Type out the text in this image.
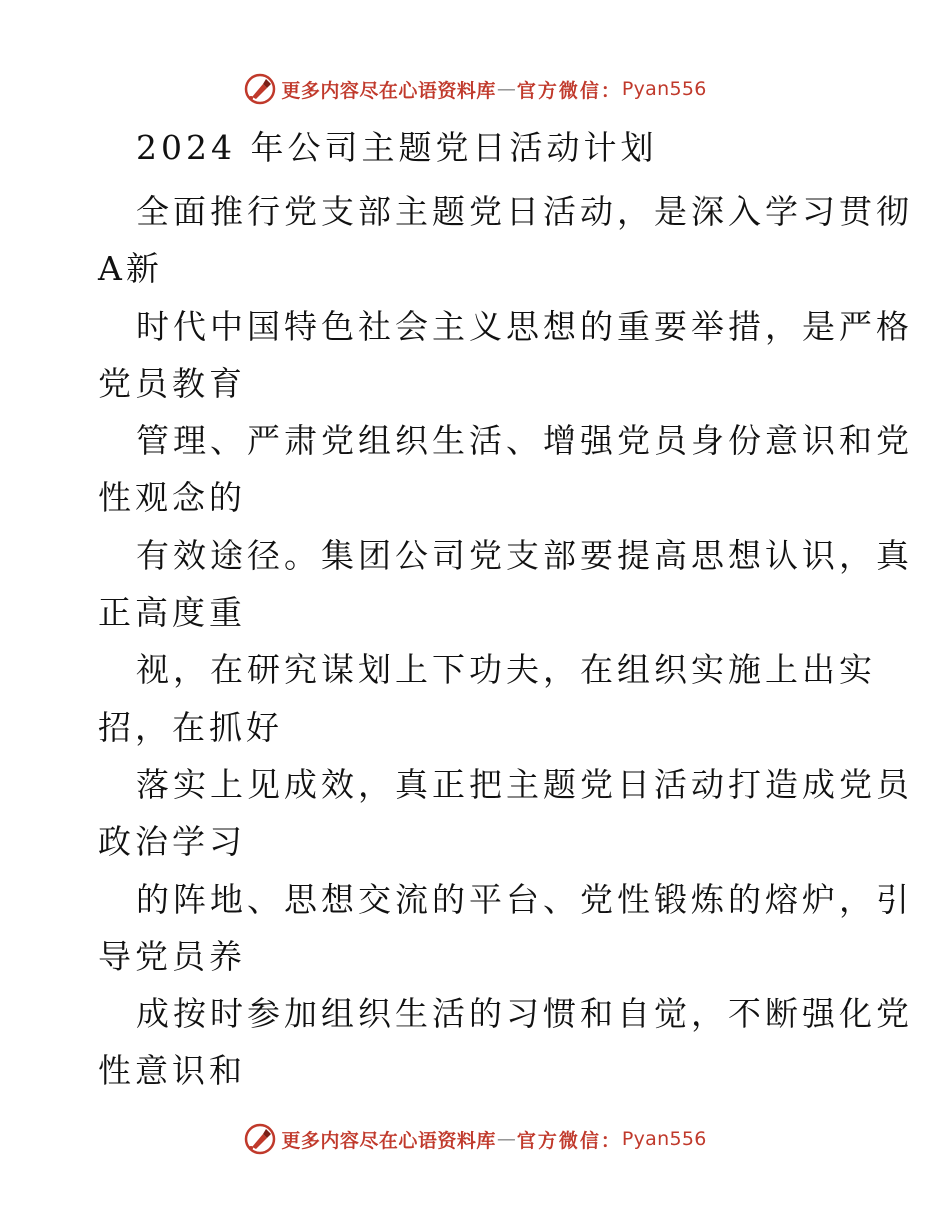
更多内容尽在心语资料库 — 官方微信： Pyan556
2024 年公司主题党日活动计划
全面推行党支部主题党日活动，是深入学习贯彻
A新
时代中国特色社会主义思想的重要举措，是严格
党员教育
管理、严肃党组织生活、增强党员身份意识和党
性观念的
有效途径。集团公司党支部要提高思想认识，真
正高度重
视，在研究谋划上下功夫，在组织实施上出实
招，在抓好
落实上见成效，真正把主题党日活动打造成党员
政治学习
的阵地、思想交流的平台、党性锻炼的熔炉，引
导党员养
成按时参加组织生活的习惯和自觉，不断强化党
性意识和
更多内容尽在心语资料库 — 官方微信： Pyan556
